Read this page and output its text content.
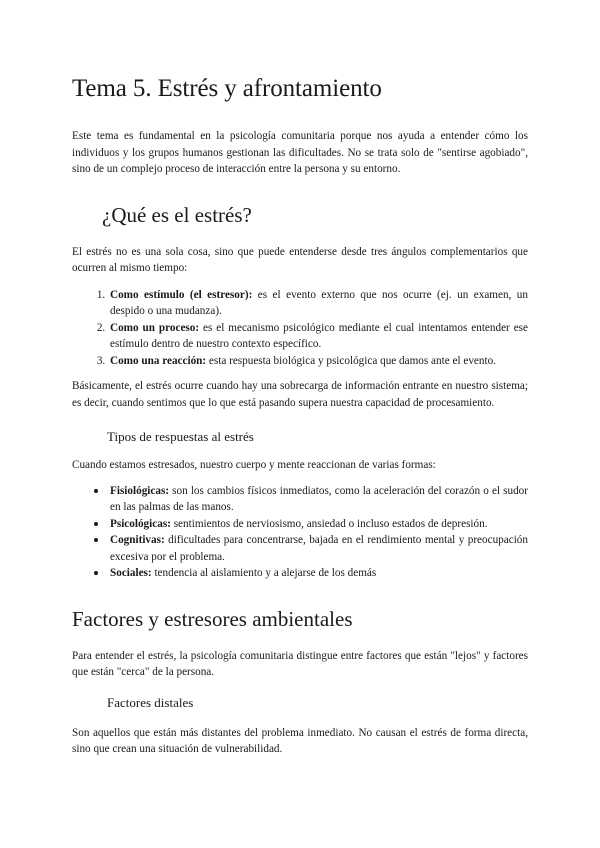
Tema 5. Estrés y afrontamiento

Este tema es fundamental en la psicología comunitaria porque nos ayuda a entender cómo los individuos y los grupos humanos gestionan las dificultades. No se trata solo de "sentirse agobiado", sino de un complejo proceso de interacción entre la persona y su entorno.

¿Qué es el estrés?

El estrés no es una sola cosa, sino que puede entenderse desde tres ángulos complementarios que ocurren al mismo tiempo:

1. Como estímulo (el estresor): es el evento externo que nos ocurre (ej. un examen, un despido o una mudanza).
2. Como un proceso: es el mecanismo psicológico mediante el cual intentamos entender ese estímulo dentro de nuestro contexto específico.
3. Como una reacción: esta respuesta biológica y psicológica que damos ante el evento.

Básicamente, el estrés ocurre cuando hay una sobrecarga de información entrante en nuestro sistema; es decir, cuando sentimos que lo que está pasando supera nuestra capacidad de procesamiento.

Tipos de respuestas al estrés

Cuando estamos estresados, nuestro cuerpo y mente reaccionan de varias formas:

Fisiológicas: son los cambios físicos inmediatos, como la aceleración del corazón o el sudor en las palmas de las manos.
Psicológicas: sentimientos de nerviosismo, ansiedad o incluso estados de depresión.
Cognitivas: dificultades para concentrarse, bajada en el rendimiento mental y preocupación excesiva por el problema.
Sociales: tendencia al aislamiento y a alejarse de los demás
Factores y estresores ambientales

Para entender el estrés, la psicología comunitaria distingue entre factores que están "lejos" y factores que están "cerca" de la persona.

Factores distales

Son aquellos que están más distantes del problema inmediato. No causan el estrés de forma directa, sino que crean una situación de vulnerabilidad.
